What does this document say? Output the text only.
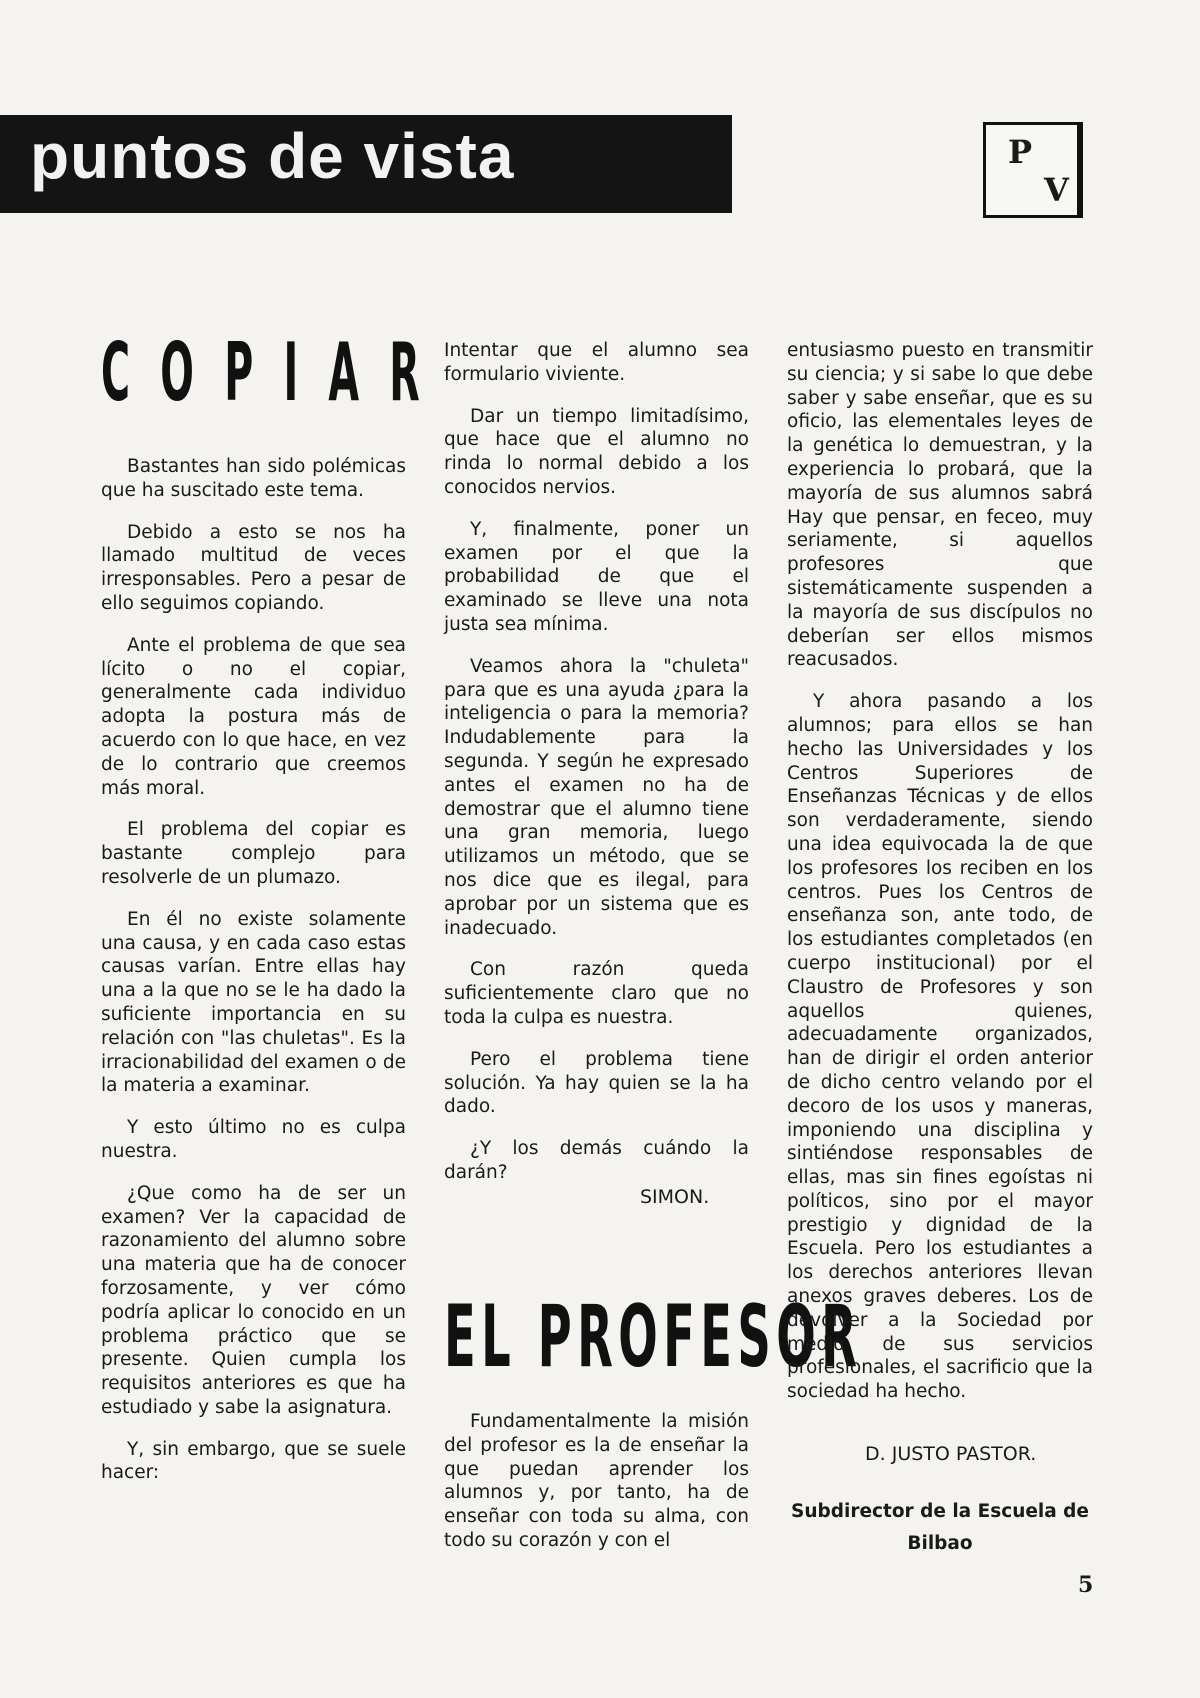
puntos de vista	P
V
COPIAR

Bastantes han sido polémicas que ha suscitado este tema.

Debido a esto se nos ha llamado multitud de veces irresponsables. Pero a pesar de ello seguimos copiando.

Ante el problema de que sea lícito o no el copiar, generalmente cada individuo adopta la postura más de acuerdo con lo que hace, en vez de lo contrario que creemos más moral.

El problema del copiar es bastante complejo para resolverle de un plumazo.

En él no existe solamente una causa, y en cada caso estas causas varían. Entre ellas hay una a la que no se le ha dado la suficiente importancia en su relación con "las chuletas". Es la irracionabilidad del examen o de la materia a examinar.

Y esto último no es culpa nuestra.

¿Que como ha de ser un examen? Ver la capacidad de razonamiento del alumno sobre una materia que ha de conocer forzosamente, y ver cómo podría aplicar lo conocido en un problema práctico que se presente. Quien cumpla los requisitos anteriores es que ha estudiado y sabe la asignatura.

Y, sin embargo, que se suele hacer:

Intentar que el alumno sea formulario viviente.

Dar un tiempo limitadísimo, que hace que el alumno no rinda lo normal debido a los conocidos nervios.

Y, finalmente, poner un examen por el que la probabilidad de que el examinado se lleve una nota justa sea mínima.

Veamos ahora la "chuleta" para que es una ayuda ¿para la inteligencia o para la memoria? Indudablemente para la segunda. Y según he expresado antes el examen no ha de demostrar que el alumno tiene una gran memoria, luego utilizamos un método, que se nos dice que es ilegal, para aprobar por un sistema que es inadecuado.

Con razón queda suficientemente claro que no toda la culpa es nuestra.

Pero el problema tiene solución. Ya hay quien se la ha dado.

¿Y los demás cuándo la darán?

SIMON.
EL PROFESOR

Fundamentalmente la misión del profesor es la de enseñar la que puedan aprender los alumnos y, por tanto, ha de enseñar con toda su alma, con todo su corazón y con el

entusiasmo puesto en transmitir su ciencia; y si sabe lo que debe saber y sabe enseñar, que es su oficio, las elementales leyes de la genética lo demuestran, y la experiencia lo probará, que la mayoría de sus alumnos sabrá Hay que pensar, en feceo, muy seriamente, si aquellos profesores que sistemáticamente suspenden a la mayoría de sus discípulos no deberían ser ellos mismos reacusados.

Y ahora pasando a los alumnos; para ellos se han hecho las Universidades y los Centros Superiores de Enseñanzas Técnicas y de ellos son verdaderamente, siendo una idea equivocada la de que los profesores los reciben en los centros. Pues los Centros de enseñanza son, ante todo, de los estudiantes completados (en cuerpo institucional) por el Claustro de Profesores y son aquellos quienes, adecuadamente organizados, han de dirigir el orden anterior de dicho centro velando por el decoro de los usos y maneras, imponiendo una disciplina y sintiéndose responsables de ellas, mas sin fines egoístas ni políticos, sino por el mayor prestigio y dignidad de la Escuela. Pero los estudiantes a los derechos anteriores llevan anexos graves deberes. Los de devolver a la Sociedad por medio de sus servicios profesionales, el sacrificio que la sociedad ha hecho.

D. JUSTO PASTOR.
Subdirector de la Escuela de
Bilbao
5
